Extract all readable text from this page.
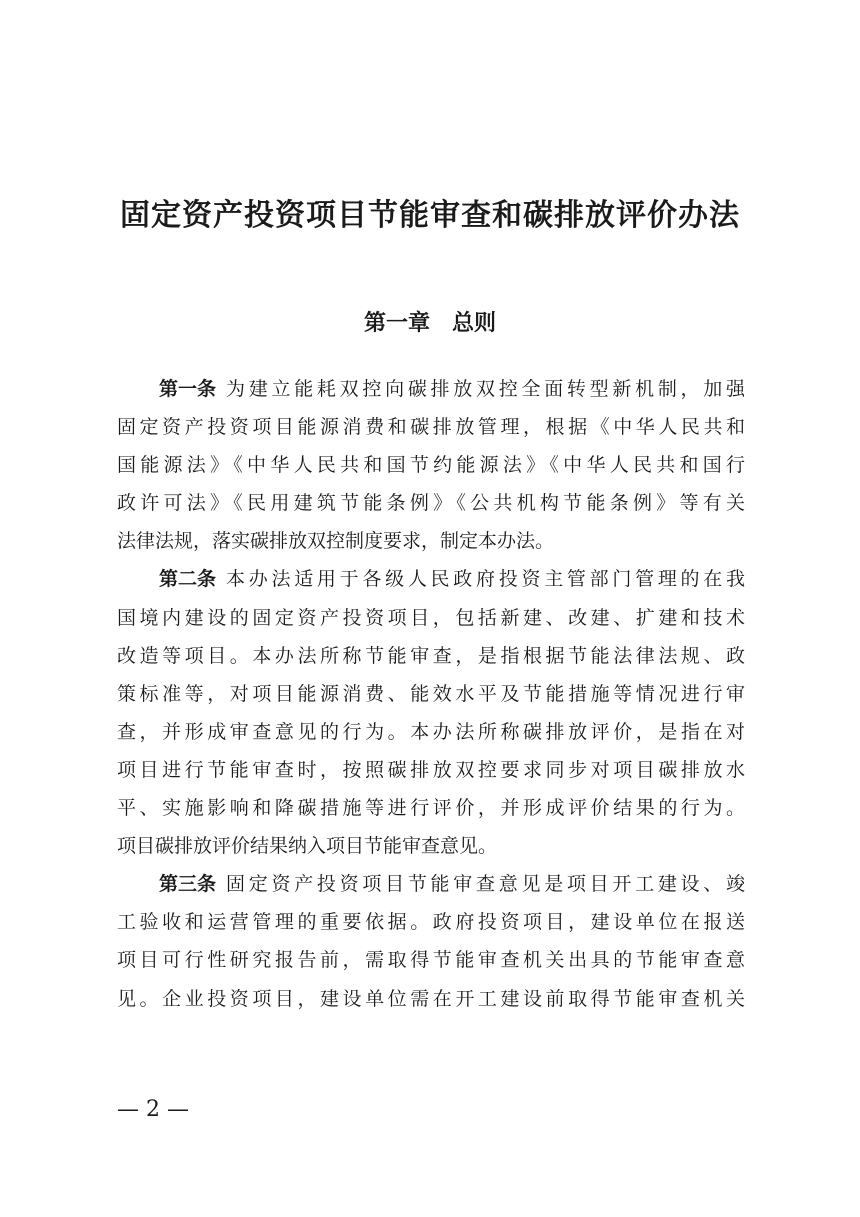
固定资产投资项目节能审查和碳排放评价办法
第一章　总则
第一条 为建立能耗双控向碳排放双控全面转型新机制，加强
固定资产投资项目能源消费和碳排放管理，根据《中华人民共和
国能源法》《中华人民共和国节约能源法》《中华人民共和国行
政许可法》《民用建筑节能条例》《公共机构节能条例》等有关
法律法规，落实碳排放双控制度要求，制定本办法。
第二条 本办法适用于各级人民政府投资主管部门管理的在我
国境内建设的固定资产投资项目，包括新建、改建、扩建和技术
改造等项目。本办法所称节能审查，是指根据节能法律法规、政
策标准等，对项目能源消费、能效水平及节能措施等情况进行审
查，并形成审查意见的行为。本办法所称碳排放评价，是指在对
项目进行节能审查时，按照碳排放双控要求同步对项目碳排放水
平、实施影响和降碳措施等进行评价，并形成评价结果的行为。
项目碳排放评价结果纳入项目节能审查意见。
第三条 固定资产投资项目节能审查意见是项目开工建设、竣
工验收和运营管理的重要依据。政府投资项目，建设单位在报送
项目可行性研究报告前，需取得节能审查机关出具的节能审查意
见。企业投资项目，建设单位需在开工建设前取得节能审查机关
— 2 —
